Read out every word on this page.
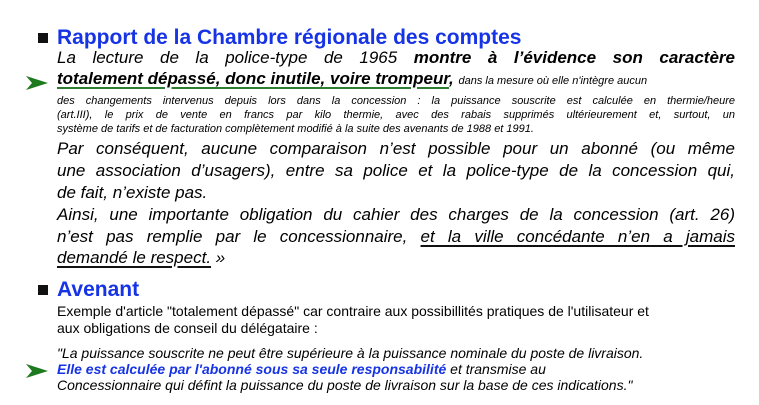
Rapport de la Chambre régionale des comptes
La lecture de la police-type de 1965 montre à l’évidence son caractère
totalement dépassé, donc inutile, voire trompeur, dans la mesure où elle n'intègre aucun
des changements intervenus depuis lors dans la concession : la puissance souscrite est calculée en thermie/heure
(art.III), le prix de vente en francs par kilo thermie, avec des rabais supprimés ultérieurement et, surtout, un
système de tarifs et de facturation complètement modifié à la suite des avenants de 1988 et 1991.
Par conséquent, aucune comparaison n’est possible pour un abonné (ou même
une association d’usagers), entre sa police et la police-type de la concession qui,
de fait, n’existe pas.
Ainsi, une importante obligation du cahier des charges de la concession (art. 26)
n’est pas remplie par le concessionnaire, et la ville concédante n’en a jamais
demandé le respect. »
Avenant
Exemple d'article "totalement dépassé" car contraire aux possibillités pratiques de l'utilisateur et
aux obligations de conseil du délégataire :
"La puissance souscrite ne peut être supérieure à la puissance nominale du poste de livraison.
Elle est calculée par l'abonné sous sa seule responsabilité et transmise au
Concessionnaire qui défint la puissance du poste de livraison sur la base de ces indications."
